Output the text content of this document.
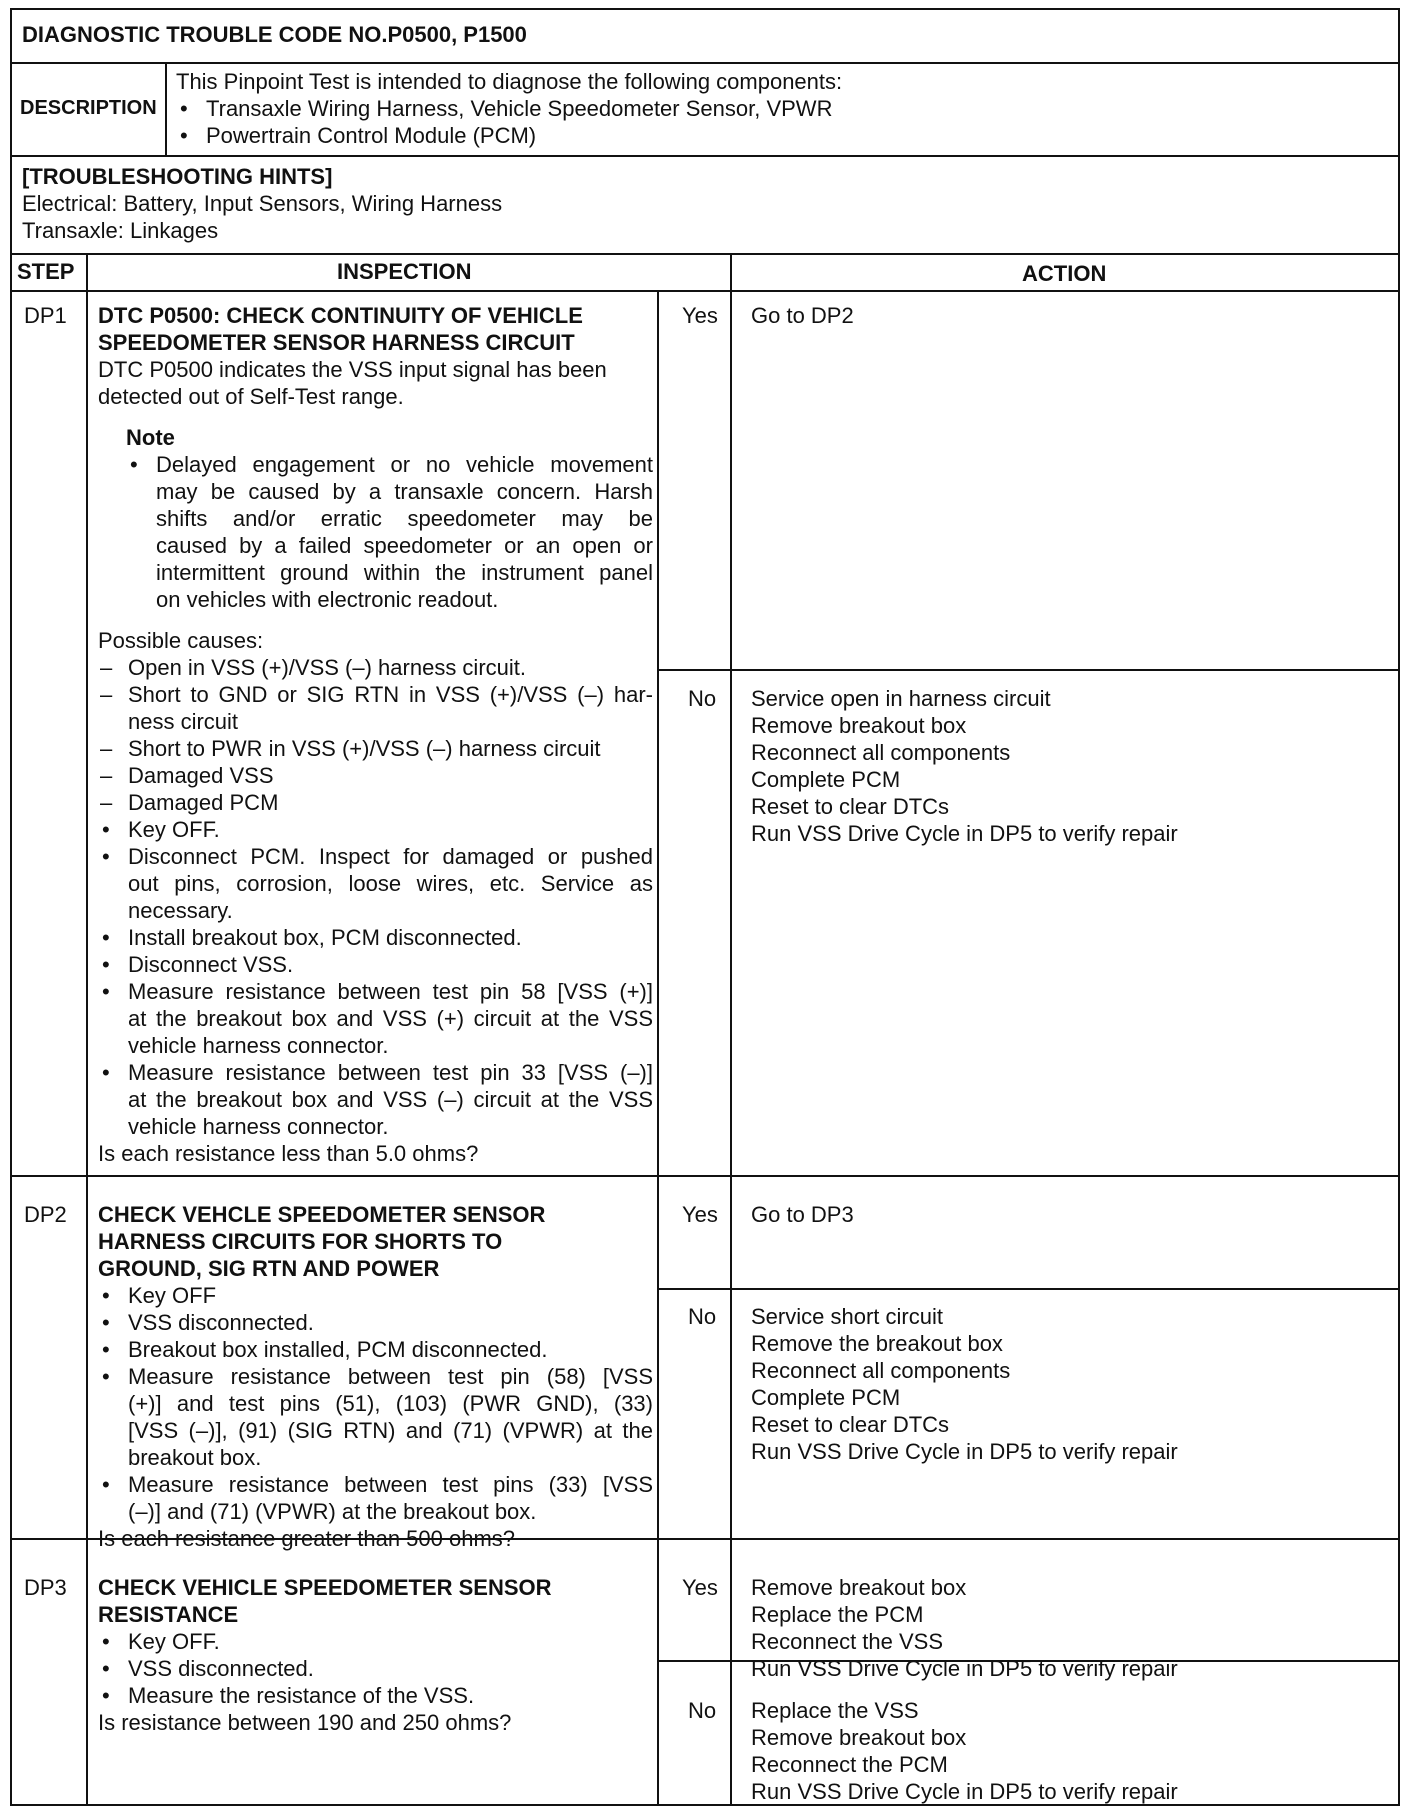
DIAGNOSTIC TROUBLE CODE NO.P0500, P1500
DESCRIPTION
This Pinpoint Test is intended to diagnose the following components:
• Transaxle Wiring Harness, Vehicle Speedometer Sensor, VPWR
• Powertrain Control Module (PCM)
[TROUBLESHOOTING HINTS]
Electrical: Battery, Input Sensors, Wiring Harness
Transaxle: Linkages
STEP	INSPECTION	ACTION
DP1 DTC P0500: CHECK CONTINUITY OF VEHICLE
SPEEDOMETER SENSOR HARNESS CIRCUIT
DTC P0500 indicates the VSS input signal has been
detected out of Self-Test range.
Note
• Delayed engagement or no vehicle movement
may be caused by a transaxle concern. Harsh
shifts and/or erratic speedometer may be
caused by a failed speedometer or an open or
intermittent ground within the instrument panel
on vehicles with electronic readout.
Possible causes:
– Open in VSS (+)/VSS (–) harness circuit.
– Short to GND or SIG RTN in VSS (+)/VSS (–) har-
ness circuit
– Short to PWR in VSS (+)/VSS (–) harness circuit
– Damaged VSS
– Damaged PCM
• Key OFF.
• Disconnect PCM. Inspect for damaged or pushed
out pins, corrosion, loose wires, etc. Service as
necessary.
• Install breakout box, PCM disconnected.
• Disconnect VSS.
• Measure resistance between test pin 58 [VSS (+)]
at the breakout box and VSS (+) circuit at the VSS
vehicle harness connector.
• Measure resistance between test pin 33 [VSS (–)]
at the breakout box and VSS (–) circuit at the VSS
vehicle harness connector.
Is each resistance less than 5.0 ohms?
Yes Go to DP2
No Service open in harness circuit
Remove breakout box
Reconnect all components
Complete PCM
Reset to clear DTCs
Run VSS Drive Cycle in DP5 to verify repair
DP2 CHECK VEHCLE SPEEDOMETER SENSOR
HARNESS CIRCUITS FOR SHORTS TO
GROUND, SIG RTN AND POWER
• Key OFF
• VSS disconnected.
• Breakout box installed, PCM disconnected.
• Measure resistance between test pin (58) [VSS
(+)] and test pins (51), (103) (PWR GND), (33)
[VSS (–)], (91) (SIG RTN) and (71) (VPWR) at the
breakout box.
• Measure resistance between test pins (33) [VSS
(–)] and (71) (VPWR) at the breakout box.
Is each resistance greater than 500 ohms?
Yes Go to DP3
No Service short circuit
Remove the breakout box
Reconnect all components
Complete PCM
Reset to clear DTCs
Run VSS Drive Cycle in DP5 to verify repair
DP3 CHECK VEHICLE SPEEDOMETER SENSOR
RESISTANCE
• Key OFF.
• VSS disconnected.
• Measure the resistance of the VSS.
Is resistance between 190 and 250 ohms?
Yes Remove breakout box
Replace the PCM
Reconnect the VSS
Run VSS Drive Cycle in DP5 to verify repair
No Replace the VSS
Remove breakout box
Reconnect the PCM
Run VSS Drive Cycle in DP5 to verify repair
